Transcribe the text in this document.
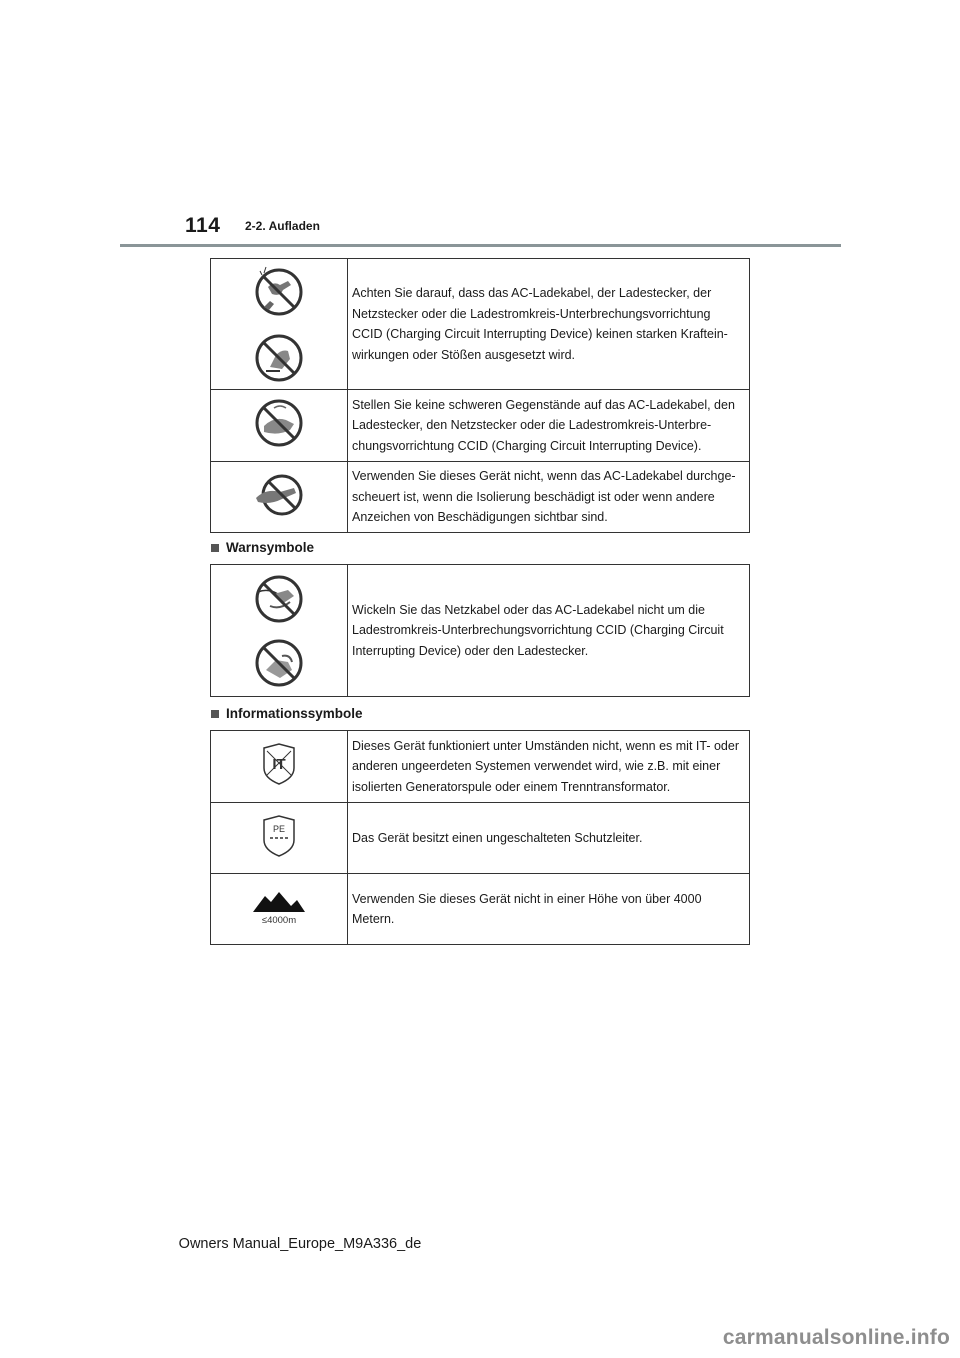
114 2-2. Aufladen
	Achten Sie darauf, dass das AC-Ladekabel, der Ladestecker, der Netzstecker oder die Ladestromkreis-Unterbrechungsvorrichtung CCID (Charging Circuit Interrupting Device) keinen starken Kraftein-wirkungen oder Stößen ausgesetzt wird.
	Stellen Sie keine schweren Gegenstände auf das AC-Ladekabel, den Ladestecker, den Netzstecker oder die Ladestromkreis-Unterbre-chungsvorrichtung CCID (Charging Circuit Interrupting Device).
	Verwenden Sie dieses Gerät nicht, wenn das AC-Ladekabel durchge-scheuert ist, wenn die Isolierung beschädigt ist oder wenn andere Anzeichen von Beschädigungen sichtbar sind.
Warnsymbole
	Wickeln Sie das Netzkabel oder das AC-Ladekabel nicht um die Ladestromkreis-Unterbrechungsvorrichtung CCID (Charging Circuit Interrupting Device) oder den Ladestecker.
Informationssymbole
IT	Dieses Gerät funktioniert unter Umständen nicht, wenn es mit IT- oder anderen ungeerdeten Systemen verwendet wird, wie z.B. mit einer isolierten Generatorspule oder einem Trenntransformator.

PE	Das Gerät besitzt einen ungeschalteten Schutzleiter.

≤4000m	Verwenden Sie dieses Gerät nicht in einer Höhe von über 4000 Metern.
Owners Manual_Europe_M9A336_de
carmanualsonline.info
